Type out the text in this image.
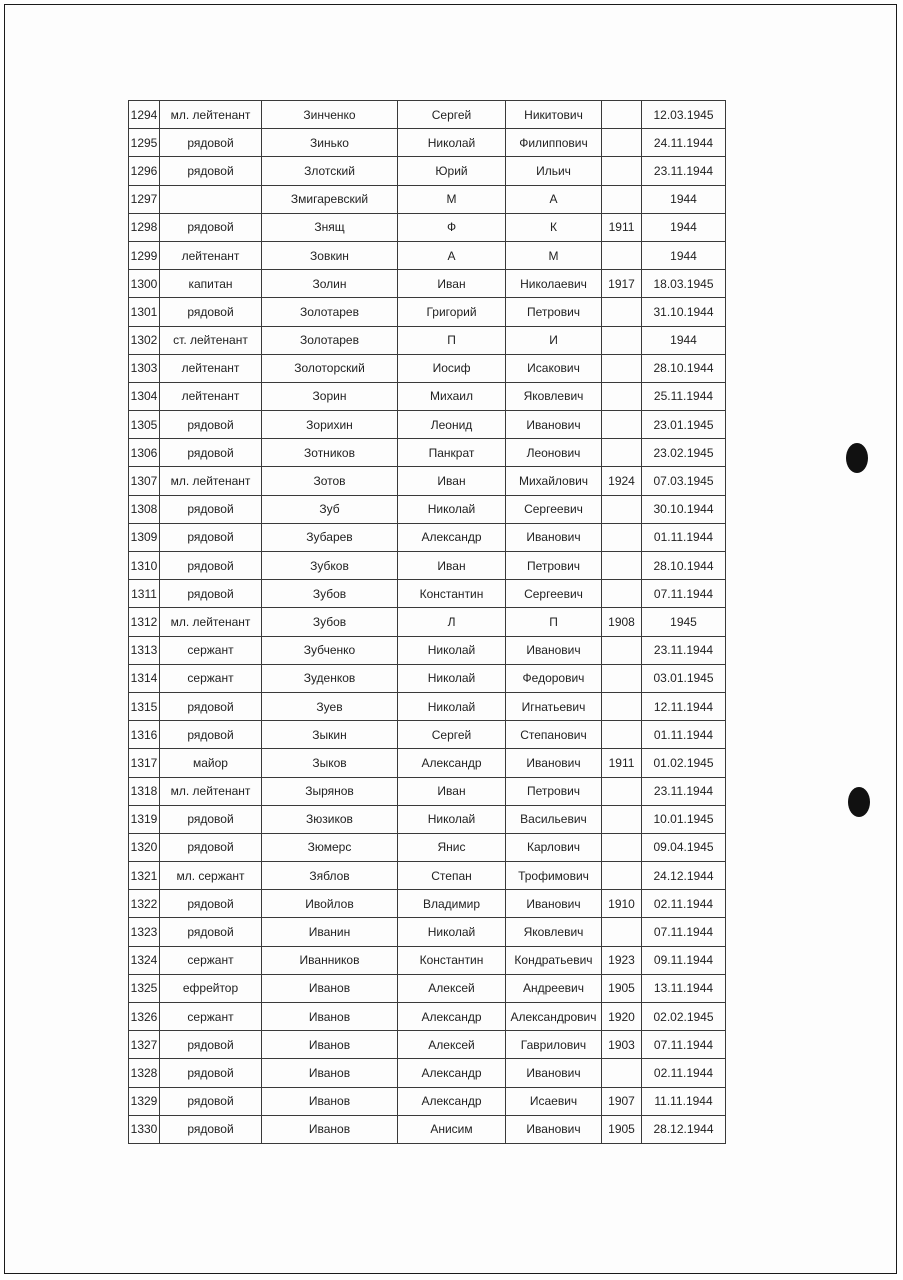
1294	мл. лейтенант	Зинченко	Сергей	Никитович		12.03.1945
1295	рядовой	Зинько	Николай	Филиппович		24.11.1944
1296	рядовой	Злотский	Юрий	Ильич		23.11.1944
1297		Змигаревский	М	А		1944
1298	рядовой	Знящ	Ф	К	1911	1944
1299	лейтенант	Зовкин	А	М		1944
1300	капитан	Золин	Иван	Николаевич	1917	18.03.1945
1301	рядовой	Золотарев	Григорий	Петрович		31.10.1944
1302	ст. лейтенант	Золотарев	П	И		1944
1303	лейтенант	Золоторский	Иосиф	Исакович		28.10.1944
1304	лейтенант	Зорин	Михаил	Яковлевич		25.11.1944
1305	рядовой	Зорихин	Леонид	Иванович		23.01.1945
1306	рядовой	Зотников	Панкрат	Леонович		23.02.1945
1307	мл. лейтенант	Зотов	Иван	Михайлович	1924	07.03.1945
1308	рядовой	Зуб	Николай	Сергеевич		30.10.1944
1309	рядовой	Зубарев	Александр	Иванович		01.11.1944
1310	рядовой	Зубков	Иван	Петрович		28.10.1944
1311	рядовой	Зубов	Константин	Сергеевич		07.11.1944
1312	мл. лейтенант	Зубов	Л	П	1908	1945
1313	сержант	Зубченко	Николай	Иванович		23.11.1944
1314	сержант	Зуденков	Николай	Федорович		03.01.1945
1315	рядовой	Зуев	Николай	Игнатьевич		12.11.1944
1316	рядовой	Зыкин	Сергей	Степанович		01.11.1944
1317	майор	Зыков	Александр	Иванович	1911	01.02.1945
1318	мл. лейтенант	Зырянов	Иван	Петрович		23.11.1944
1319	рядовой	Зюзиков	Николай	Васильевич		10.01.1945
1320	рядовой	Зюмерс	Янис	Карлович		09.04.1945
1321	мл. сержант	Зяблов	Степан	Трофимович		24.12.1944
1322	рядовой	Ивойлов	Владимир	Иванович	1910	02.11.1944
1323	рядовой	Иванин	Николай	Яковлевич		07.11.1944
1324	сержант	Иванников	Константин	Кондратьевич	1923	09.11.1944
1325	ефрейтор	Иванов	Алексей	Андреевич	1905	13.11.1944
1326	сержант	Иванов	Александр	Александрович	1920	02.02.1945
1327	рядовой	Иванов	Алексей	Гаврилович	1903	07.11.1944
1328	рядовой	Иванов	Александр	Иванович		02.11.1944
1329	рядовой	Иванов	Александр	Исаевич	1907	11.11.1944
1330	рядовой	Иванов	Анисим	Иванович	1905	28.12.1944
